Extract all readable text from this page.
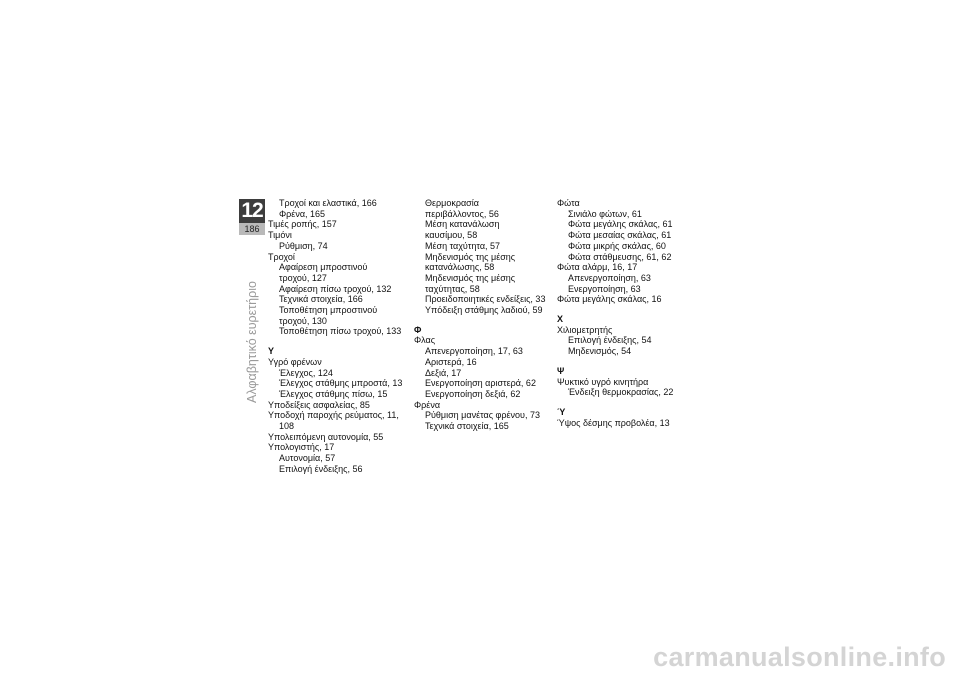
12
186
Αλφαβητικό ευρετήριο
Τροχοί και ελαστικά, 166
Φρένα, 165
Τιμές ροπής, 157
Τιμόνι
Ρύθμιση, 74
Τροχοί
Αφαίρεση μπροστινού
τροχού, 127
Αφαίρεση πίσω τροχού, 132
Τεχνικά στοιχεία, 166
Τοποθέτηση μπροστινού
τροχού, 130
Τοποθέτηση πίσω τροχού, 133
Υ
Υγρό φρένων
Έλεγχος, 124
Έλεγχος στάθμης μπροστά, 13
Έλεγχος στάθμης πίσω, 15
Υποδείξεις ασφαλείας, 85
Υποδοχή παροχής ρεύματος, 11,
108
Υπολειπόμενη αυτονομία, 55
Υπολογιστής, 17
Αυτονομία, 57
Επιλογή ένδειξης, 56
Θερμοκρασία
περιβάλλοντος, 56
Μέση κατανάλωση
καυσίμου, 58
Μέση ταχύτητα, 57
Μηδενισμός της μέσης
κατανάλωσης, 58
Μηδενισμός της μέσης
ταχύτητας, 58
Προειδοποιητικές ενδείξεις, 33
Υπόδειξη στάθμης λαδιού, 59
Φ
Φλας
Απενεργοποίηση, 17, 63
Αριστερά, 16
Δεξιά, 17
Ενεργοποίηση αριστερά, 62
Ενεργοποίηση δεξιά, 62
Φρένα
Ρύθμιση μανέτας φρένου, 73
Τεχνικά στοιχεία, 165
Φώτα
Σινιάλο φώτων, 61
Φώτα μεγάλης σκάλας, 61
Φώτα μεσαίας σκάλας, 61
Φώτα μικρής σκάλας, 60
Φώτα στάθμευσης, 61, 62
Φώτα αλάρμ, 16, 17
Απενεργοποίηση, 63
Ενεργοποίηση, 63
Φώτα μεγάλης σκάλας, 16
Χ
Χιλιομετρητής
Επιλογή ένδειξης, 54
Μηδενισμός, 54
Ψ
Ψυκτικό υγρό κινητήρα
Ένδειξη θερμοκρασίας, 22
Ύ
Ύψος δέσμης προβολέα, 13
carmanualsonline.info
